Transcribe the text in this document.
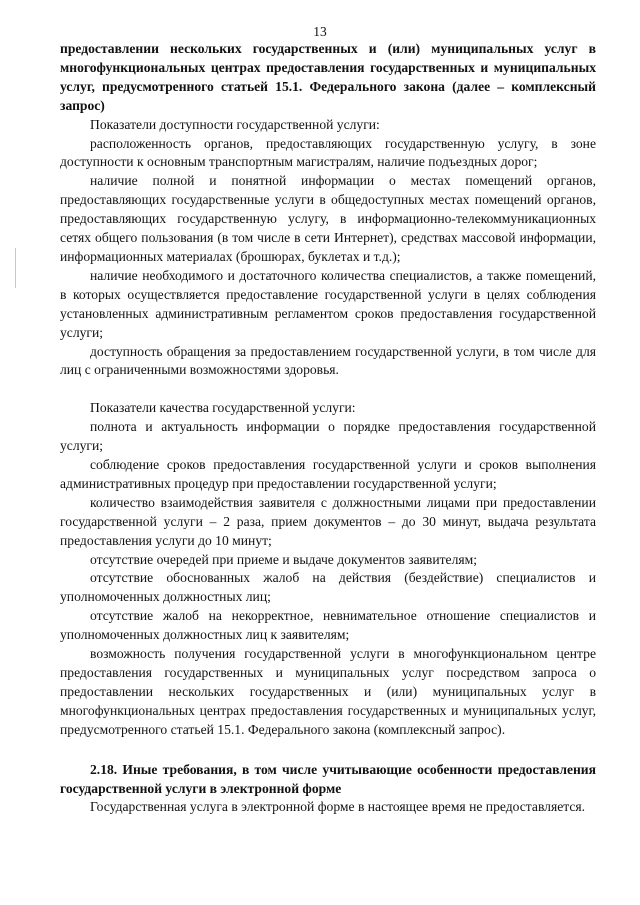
13

предоставлении нескольких государственных и (или) муниципальных услуг в многофункциональных центрах предоставления государственных и муниципальных услуг, предусмотренного статьей 15.1. Федерального закона (далее – комплексный запрос)

Показатели доступности государственной услуги:

расположенность органов, предоставляющих государственную услугу, в зоне доступности к основным транспортным магистралям, наличие подъездных дорог;

наличие полной и понятной информации о местах помещений органов, предоставляющих государственные услуги в общедоступных местах помещений органов, предоставляющих государственную услугу, в информационно-телекоммуникационных сетях общего пользования (в том числе в сети Интернет), средствах массовой информации, информационных материалах (брошюрах, буклетах и т.д.);

наличие необходимого и достаточного количества специалистов, а также помещений, в которых осуществляется предоставление государственной услуги в целях соблюдения установленных административным регламентом сроков предоставления государственной услуги;

доступность обращения за предоставлением государственной услуги, в том числе для лиц с ограниченными возможностями здоровья.

Показатели качества государственной услуги:

полнота и актуальность информации о порядке предоставления государственной услуги;

соблюдение сроков предоставления государственной услуги и сроков выполнения административных процедур при предоставлении государственной услуги;

количество взаимодействия заявителя с должностными лицами при предоставлении государственной услуги – 2 раза, прием документов – до 30 минут, выдача результата предоставления услуги до 10 минут;

отсутствие очередей при приеме и выдаче документов заявителям;

отсутствие обоснованных жалоб на действия (бездействие) специалистов и уполномоченных должностных лиц;

отсутствие жалоб на некорректное, невнимательное отношение специалистов и уполномоченных должностных лиц к заявителям;

возможность получения государственной услуги в многофункциональном центре предоставления государственных и муниципальных услуг посредством запроса о предоставлении нескольких государственных и (или) муниципальных услуг в многофункциональных центрах предоставления государственных и муниципальных услуг, предусмотренного статьей 15.1. Федерального закона (комплексный запрос).

2.18. Иные требования, в том числе учитывающие особенности предоставления государственной услуги в электронной форме

Государственная услуга в электронной форме в настоящее время не предоставляется.
